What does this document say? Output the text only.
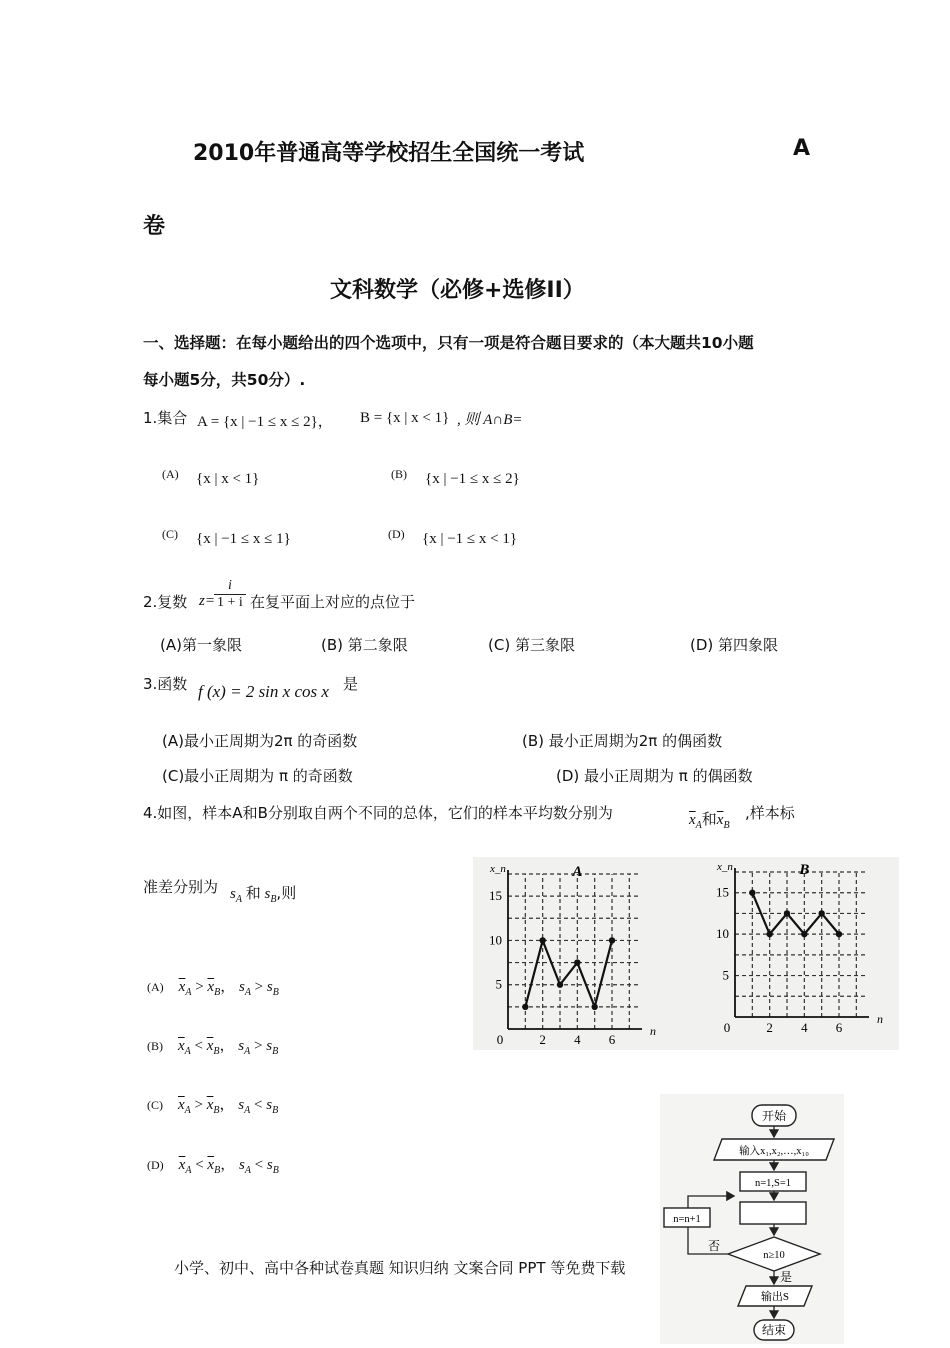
2010年普通高等学校招生全国统一考试	A
卷
文科数学（必修+选修II）
一、选择题：在每小题给出的四个选项中，只有一项是符合题目要求的（本大题共10小题
每小题5分，共50分）.
1.集合 A = {x | −1 ≤ x ≤ 2}， B = {x | x < 1} , 则 A∩B=
(A) {x | x < 1}	(B) {x | −1 ≤ x ≤ 2}
(C) {x | −1 ≤ x ≤ 1}	(D) {x | −1 ≤ x < 1}
2.复数 $z= \frac{i}{1 + i}$ 在复平面上对应的点位于
(A)第一象限	(B) 第二象限	(C) 第三象限	(D) 第四象限
3.函数 f (x) = 2 sin x cos x 是
(A)最小正周期为2π 的奇函数	(B) 最小正周期为2π 的偶函数
(C)最小正周期为 π 的奇函数	(D) 最小正周期为 π 的偶函数
4.如图，样本A和B分别取自两个不同的总体，它们的样本平均数分别为	$\overline{x}_A$和$\overline{x}_B$
,样本标
准差分别为 $s_A$ 和 $s_B$,则
(A) $\overline{x}_A > \overline{x}_B$， $s_A > s_B$
(B) $\overline{x}_A < \overline{x}_B$， $s_A > s_B$
(C) $\overline{x}_A > \overline{x}_B$， $s_A < s_B$
(D) $\overline{x}_A < \overline{x}_B$， $s_A < s_B$
0	2 4 6
5
10
15
n
x_n	A
0	2 4 6
5
10
15
n
x_n	B
开始
输入x₁,x₂,…,x₁₀
n=1,S=1
n≥10
否
n=n+1
是
输出S
结束
小学、初中、高中各种试卷真题 知识归纳 文案合同 PPT 等免费下载
